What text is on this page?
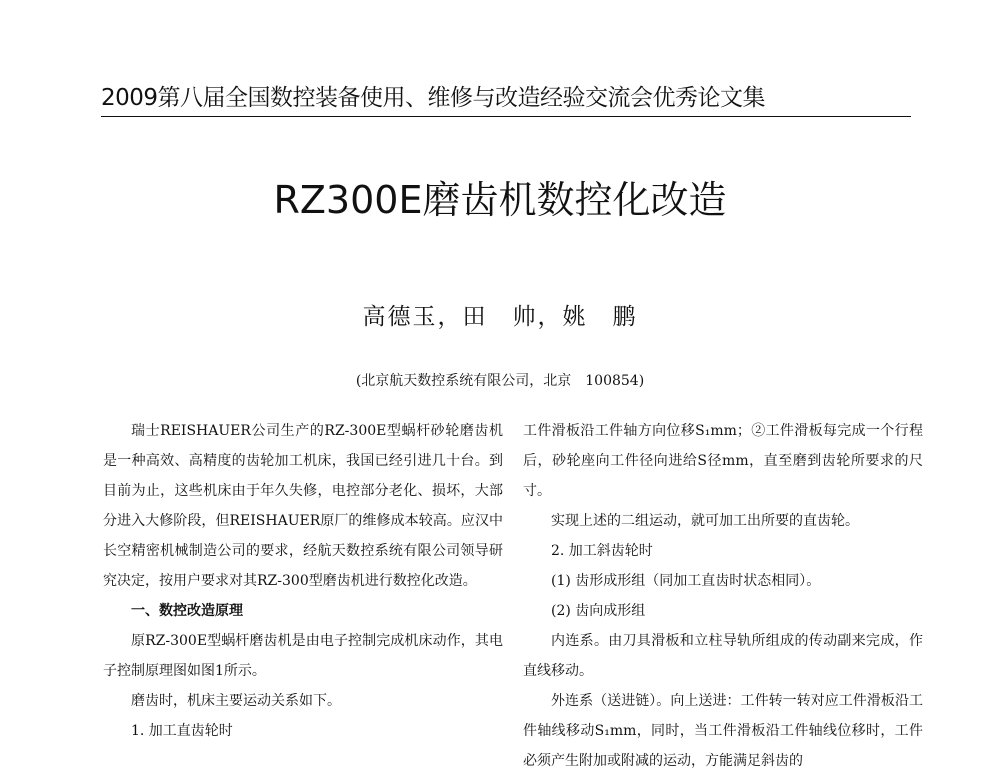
2009第八届全国数控装备使用、维修与改造经验交流会优秀论文集
RZ300E磨齿机数控化改造
高德玉，田　帅，姚　鹏
(北京航天数控系统有限公司，北京　100854)

瑞士REISHAUER公司生产的RZ-300E型蜗杆砂轮磨齿机是一种高效、高精度的齿轮加工机床，我国已经引进几十台。到目前为止，这些机床由于年久失修，电控部分老化、损坏，大部分进入大修阶段，但REISHAUER原厂的维修成本较高。应汉中长空精密机械制造公司的要求，经航天数控系统有限公司领导研究决定，按用户要求对其RZ-300型磨齿机进行数控化改造。

一、数控改造原理

原RZ-300E型蜗杆磨齿机是由电子控制完成机床动作，其电子控制原理图如图1所示。

磨齿时，机床主要运动关系如下。

1. 加工直齿轮时

工件滑板沿工件轴方向位移S₁mm；②工件滑板每完成一个行程后，砂轮座向工件径向进给S径mm，直至磨到齿轮所要求的尺寸。

实现上述的二组运动，就可加工出所要的直齿轮。

2. 加工斜齿轮时

(1) 齿形成形组（同加工直齿时状态相同）。

(2) 齿向成形组

内连系。由刀具滑板和立柱导轨所组成的传动副来完成，作直线移动。

外连系（送进链）。向上送进：工件转一转对应工件滑板沿工件轴线移动S₁mm，同时，当工件滑板沿工件轴线位移时，工件必须产生附加或附减的运动，方能满足斜齿的
